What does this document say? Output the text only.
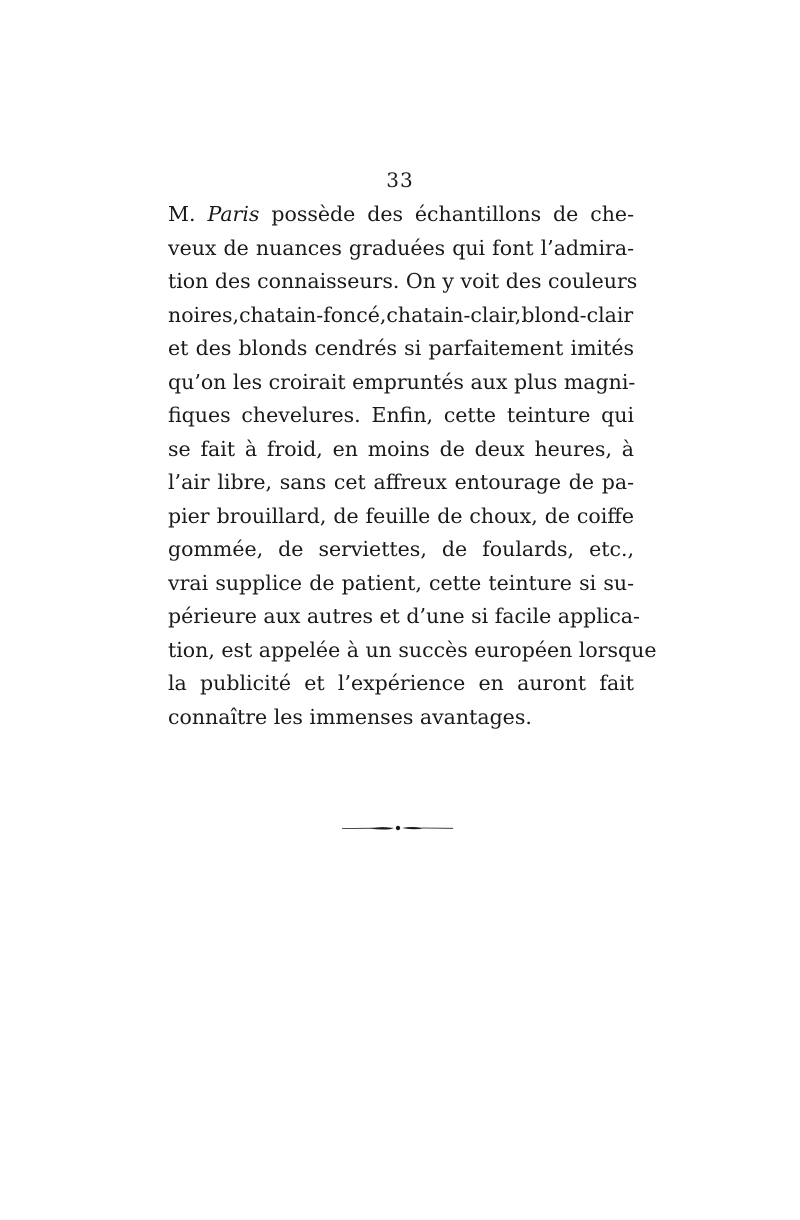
33
M. Paris possède des échantillons de che-
veux de nuances graduées qui font l’admira-
tion des connaisseurs. On y voit des couleurs
noires,chatain-foncé,chatain-clair,blond-clair
et des blonds cendrés si parfaitement imités
qu’on les croirait empruntés aux plus magni-
fiques chevelures. Enfin, cette teinture qui
se fait à froid, en moins de deux heures, à
l’air libre, sans cet affreux entourage de pa-
pier brouillard, de feuille de choux, de coiffe
gommée, de serviettes, de foulards, etc.,
vrai supplice de patient, cette teinture si su-
périeure aux autres et d’une si facile applica-
tion, est appelée à un succès européen lorsque
la publicité et l’expérience en auront fait
connaître les immenses avantages.
